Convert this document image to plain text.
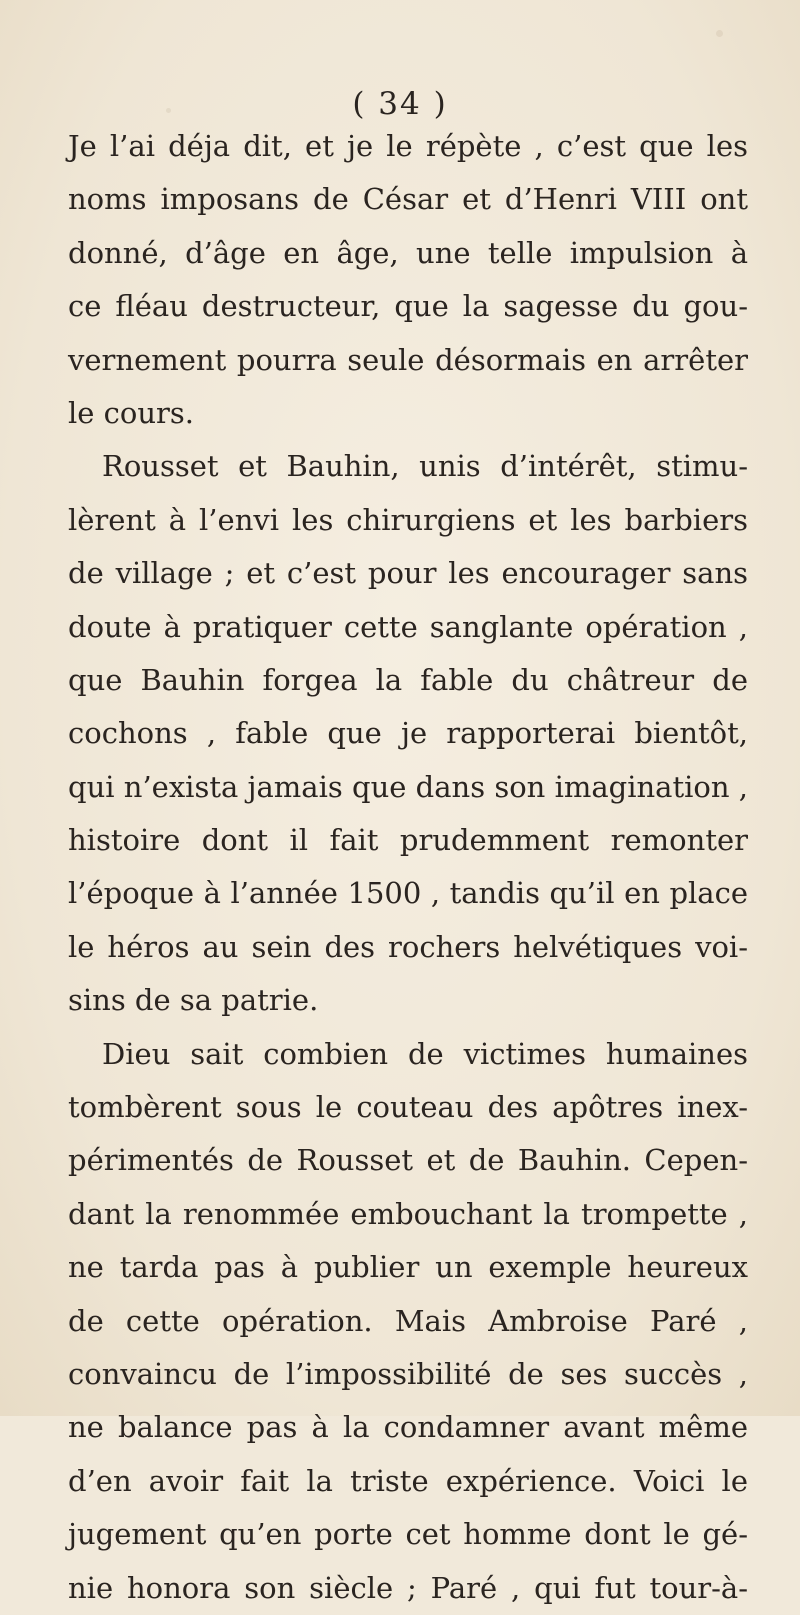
( 34 )
Je l’ai déja dit, et je le répète , c’est que les
noms imposans de César et d’Henri VIII ont
donné, d’âge en âge, une telle impulsion à
ce fléau destructeur, que la sagesse du gou-
vernement pourra seule désormais en arrêter
le cours.
Rousset et Bauhin, unis d’intérêt, stimu-
lèrent à l’envi les chirurgiens et les barbiers
de village ; et c’est pour les encourager sans
doute à pratiquer cette sanglante opération ,
que Bauhin forgea la fable du châtreur de
cochons , fable que je rapporterai bientôt,
qui n’exista jamais que dans son imagination ,
histoire dont il fait prudemment remonter
l’époque à l’année 1500 , tandis qu’il en place
le héros au sein des rochers helvétiques voi-
sins de sa patrie.
Dieu sait combien de victimes humaines
tombèrent sous le couteau des apôtres inex-
périmentés de Rousset et de Bauhin. Cepen-
dant la renommée embouchant la trompette ,
ne tarda pas à publier un exemple heureux
de cette opération. Mais Ambroise Paré ,
convaincu de l’impossibilité de ses succès ,
ne balance pas à la condamner avant même
d’en avoir fait la triste expérience. Voici le
jugement qu’en porte cet homme dont le gé-
nie honora son siècle ; Paré , qui fut tour-à-
